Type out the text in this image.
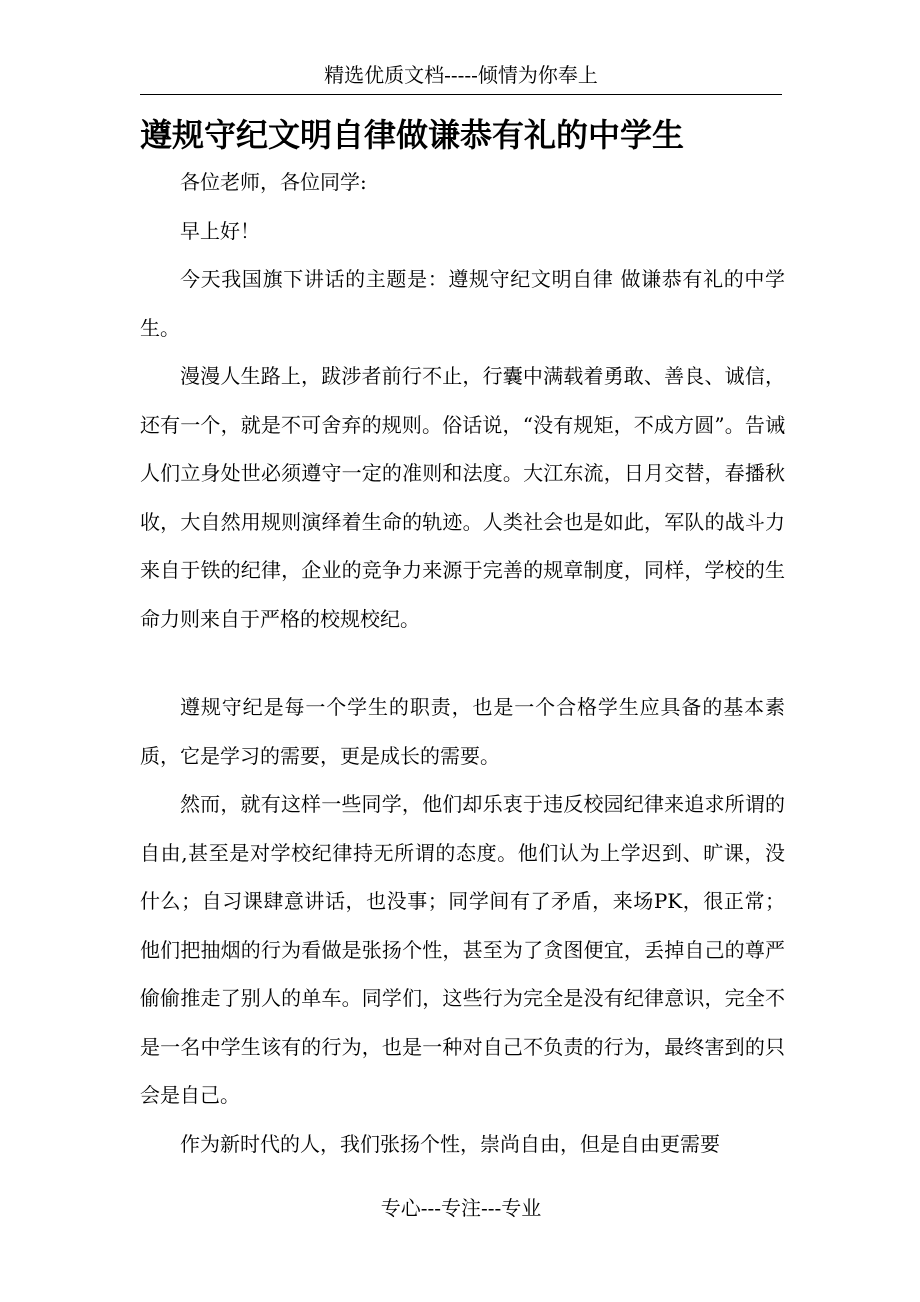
精选优质文档-----倾情为你奉上
遵规守纪文明自律做谦恭有礼的中学生

各位老师，各位同学:

早上好！

今天我国旗下讲话的主题是：遵规守纪文明自律 做谦恭有礼的中学生。

漫漫人生路上，跋涉者前行不止，行囊中满载着勇敢、善良、诚信，还有一个，就是不可舍弃的规则。俗话说，“没有规矩，不成方圆”。告诫人们立身处世必须遵守一定的准则和法度。大江东流，日月交替，春播秋收，大自然用规则演绎着生命的轨迹。人类社会也是如此，军队的战斗力来自于铁的纪律，企业的竞争力来源于完善的规章制度，同样，学校的生命力则来自于严格的校规校纪。

遵规守纪是每一个学生的职责，也是一个合格学生应具备的基本素质，它是学习的需要，更是成长的需要。

然而，就有这样一些同学，他们却乐衷于违反校园纪律来追求所谓的自由,甚至是对学校纪律持无所谓的态度。他们认为上学迟到、旷课，没什么；自习课肆意讲话，也没事；同学间有了矛盾，来场PK，很正常；他们把抽烟的行为看做是张扬个性，甚至为了贪图便宜，丢掉自己的尊严偷偷推走了别人的单车。同学们，这些行为完全是没有纪律意识，完全不是一名中学生该有的行为，也是一种对自己不负责的行为，最终害到的只会是自己。

作为新时代的人，我们张扬个性，崇尚自由，但是自由更需要

专心---专注---专业
